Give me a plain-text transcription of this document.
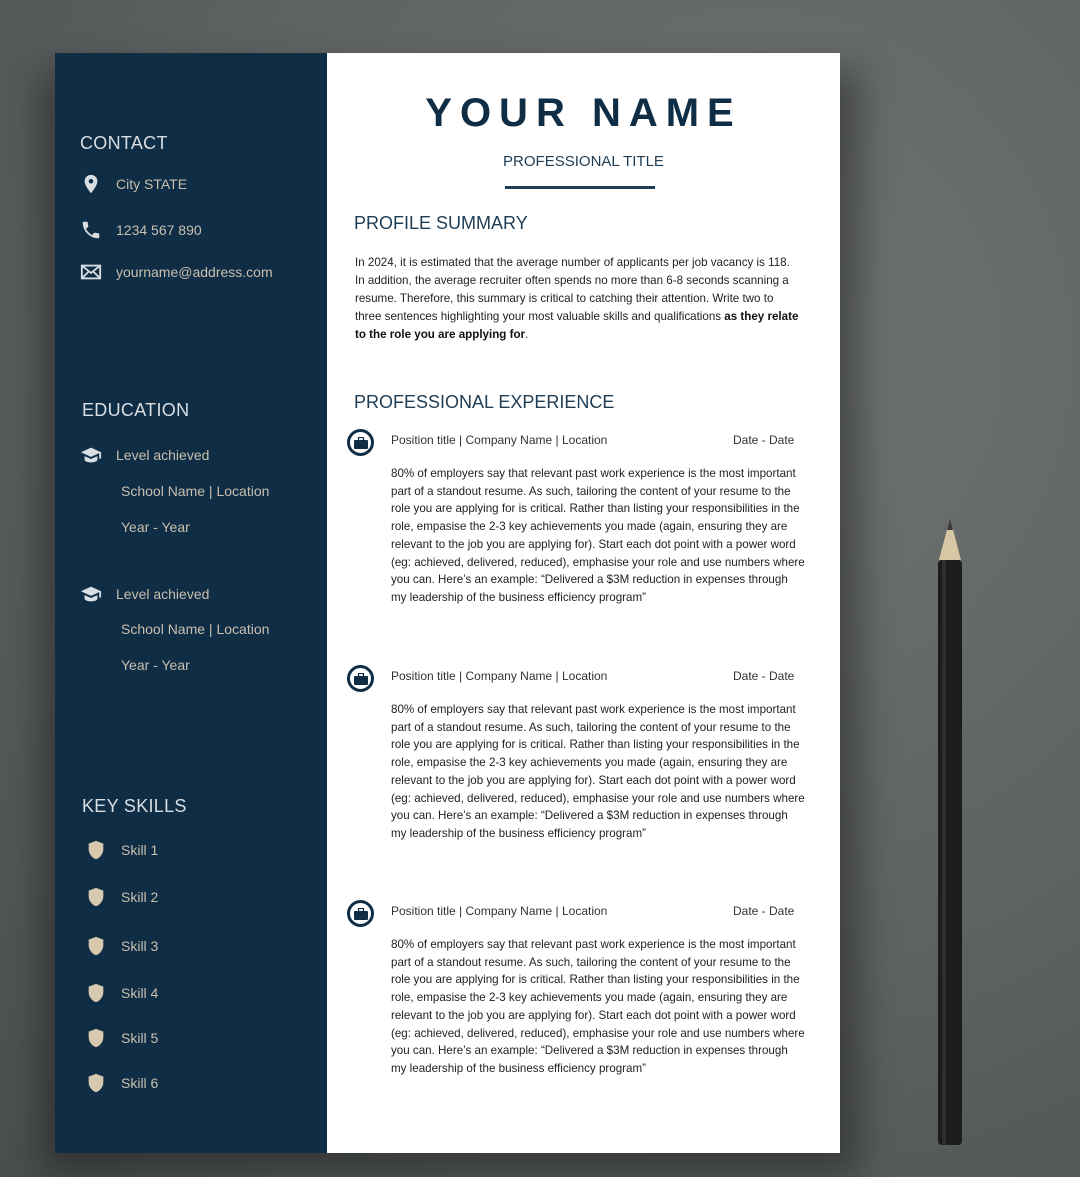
CONTACT
City STATE
1234 567 890
yourname@address.com
EDUCATION
Level achieved
School Name | Location
Year - Year
Level achieved
School Name | Location
Year - Year
KEY SKILLS
Skill 1
Skill 2
Skill 3
Skill 4
Skill 5
Skill 6
YOUR NAME
PROFESSIONAL TITLE
PROFILE SUMMARY
In 2024, it is estimated that the average number of applicants per job vacancy is 118. In addition, the average recruiter often spends no more than 6-8 seconds scanning a resume. Therefore, this summary is critical to catching their attention. Write two to three sentences highlighting your most valuable skills and qualifications as they relate to the role you are applying for.
PROFESSIONAL EXPERIENCE
Position title | Company Name | Location	Date - Date
80% of employers say that relevant past work experience is the most important part of a standout resume. As such, tailoring the content of your resume to the role you are applying for is critical. Rather than listing your responsibilities in the role, empasise the 2-3 key achievements you made (again, ensuring they are relevant to the job you are applying for). Start each dot point with a power word (eg: achieved, delivered, reduced), emphasise your role and use numbers where you can. Here’s an example: “Delivered a $3M reduction in expenses through my leadership of the business efficiency program”
Position title | Company Name | Location	Date - Date
80% of employers say that relevant past work experience is the most important part of a standout resume. As such, tailoring the content of your resume to the role you are applying for is critical. Rather than listing your responsibilities in the role, empasise the 2-3 key achievements you made (again, ensuring they are relevant to the job you are applying for). Start each dot point with a power word (eg: achieved, delivered, reduced), emphasise your role and use numbers where you can. Here’s an example: “Delivered a $3M reduction in expenses through my leadership of the business efficiency program”
Position title | Company Name | Location	Date - Date
80% of employers say that relevant past work experience is the most important part of a standout resume. As such, tailoring the content of your resume to the role you are applying for is critical. Rather than listing your responsibilities in the role, empasise the 2-3 key achievements you made (again, ensuring they are relevant to the job you are applying for). Start each dot point with a power word (eg: achieved, delivered, reduced), emphasise your role and use numbers where you can. Here’s an example: “Delivered a $3M reduction in expenses through my leadership of the business efficiency program”
